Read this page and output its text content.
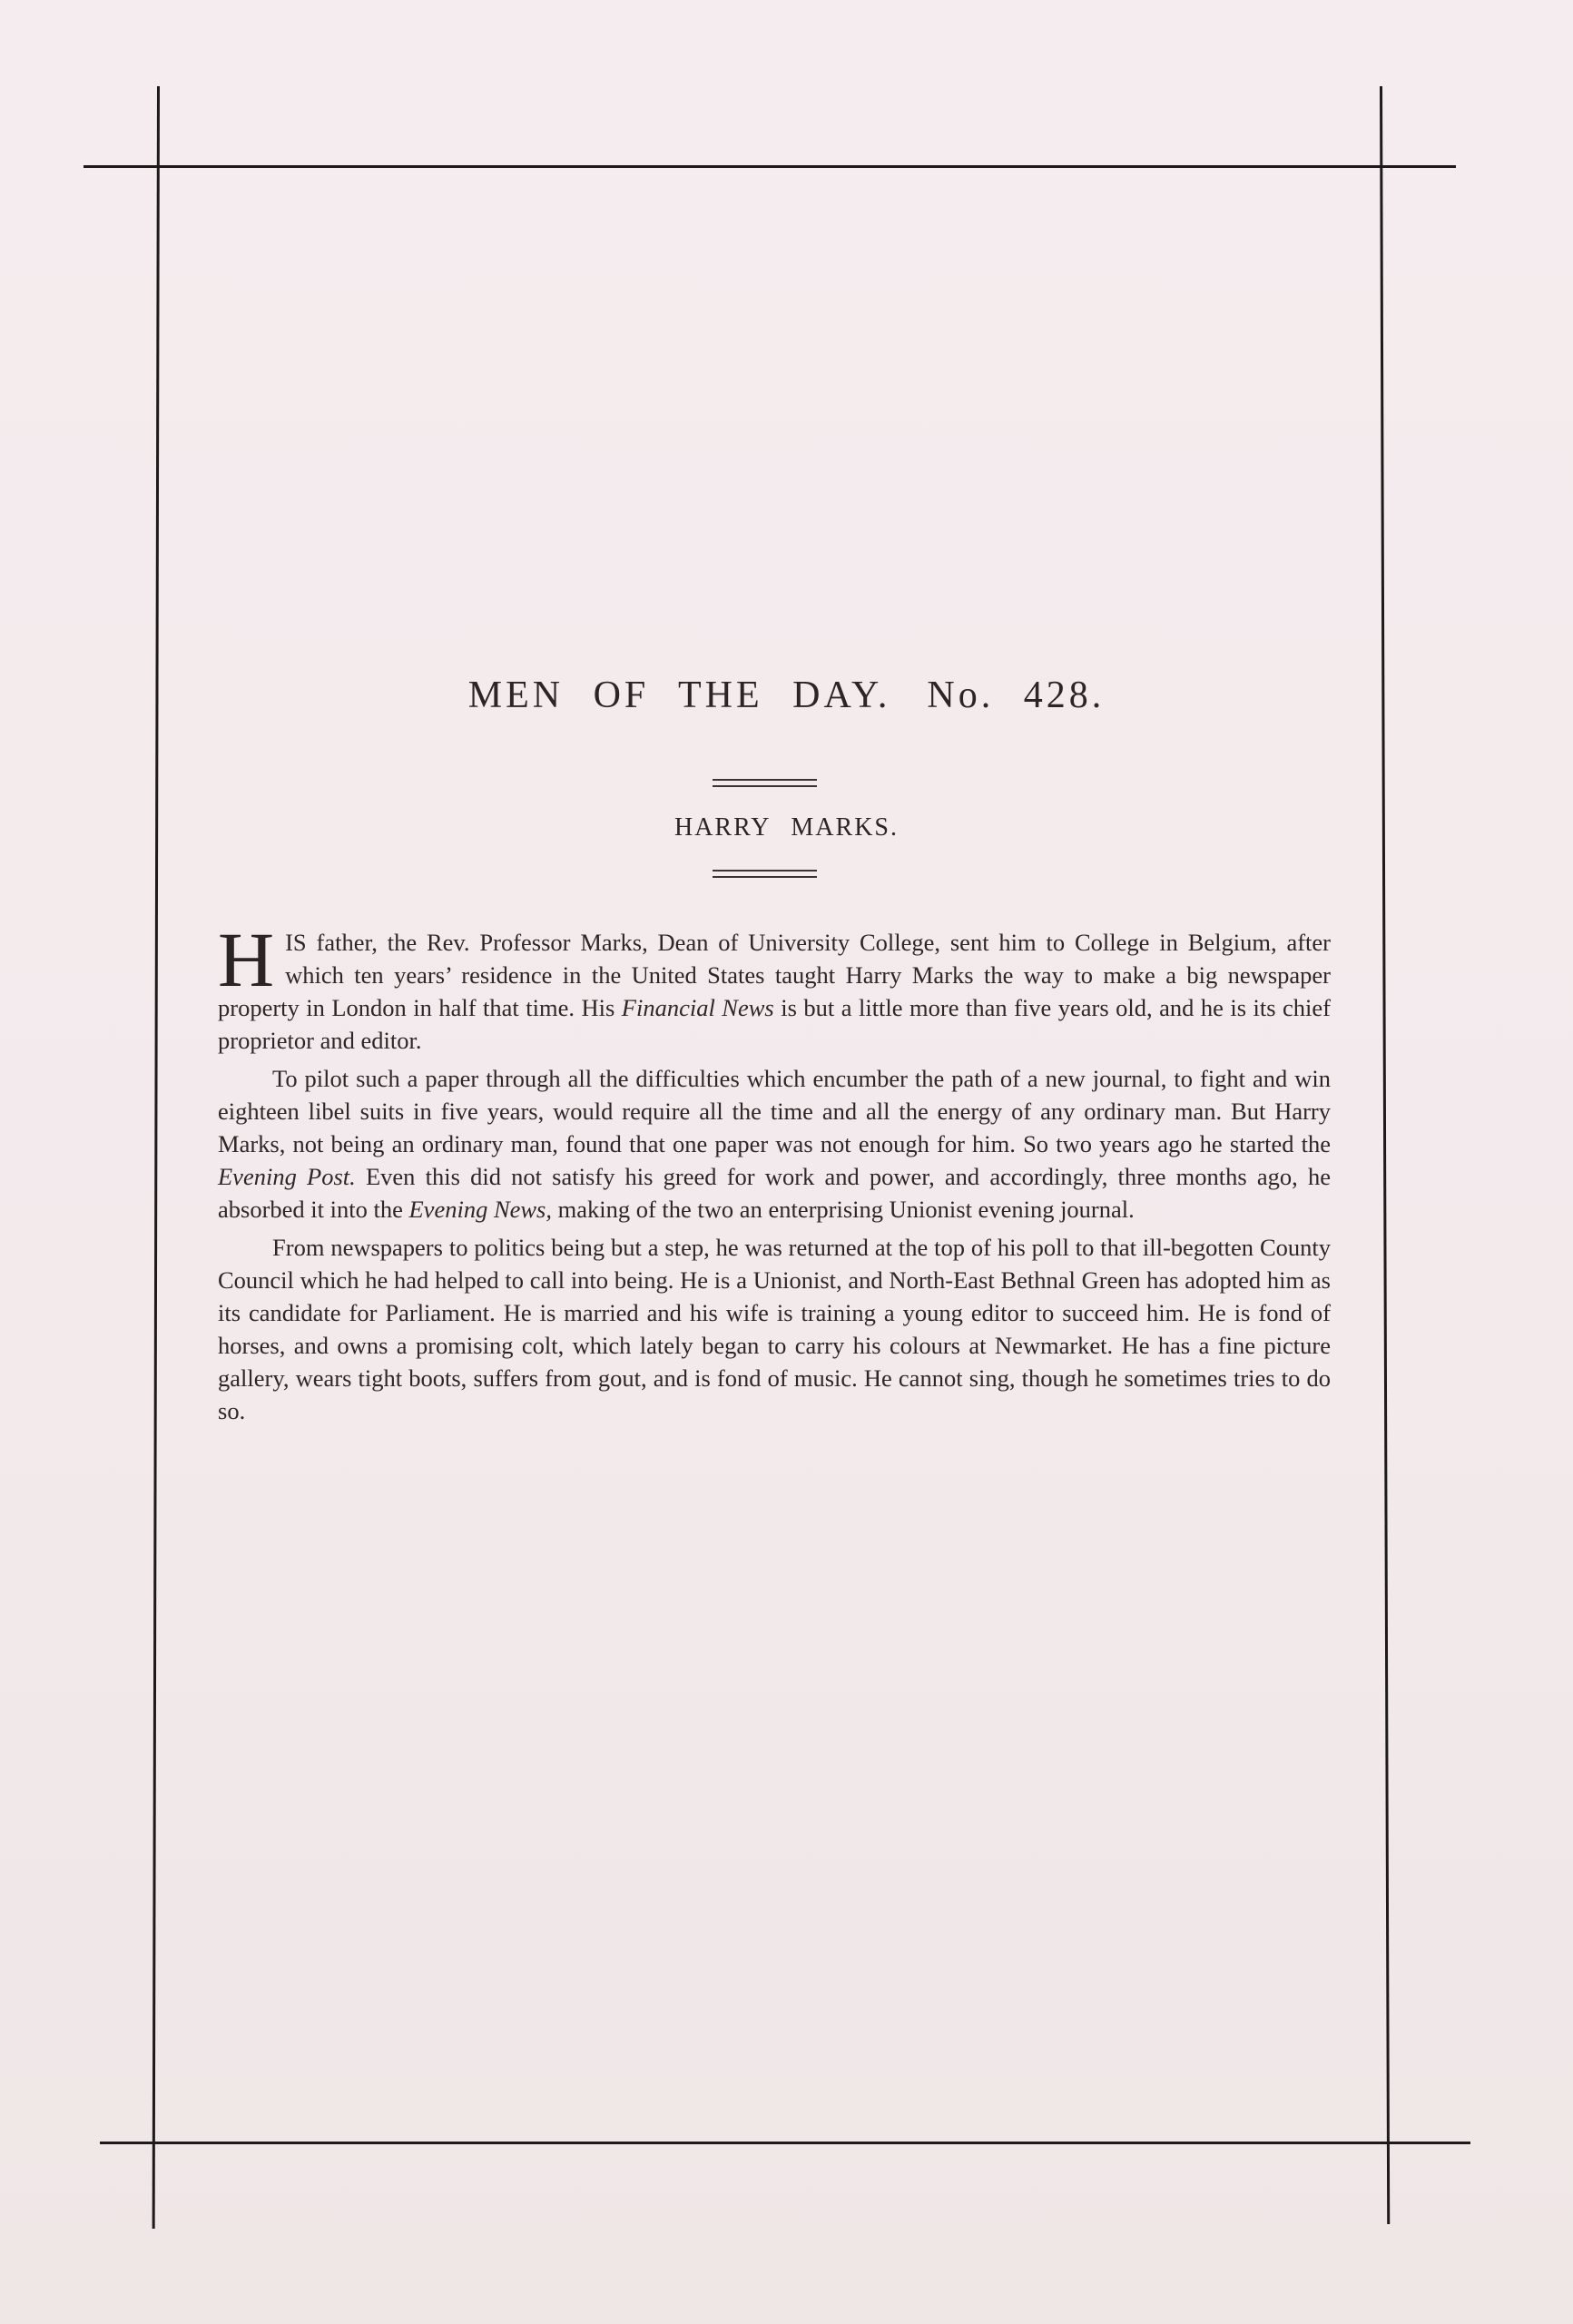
MEN OF THE DAY. No. 428.
HARRY MARKS.

HIS father, the Rev. Professor Marks, Dean of University College, sent him to College in Belgium, after which ten years’ residence in the United States taught Harry Marks the way to make a big newspaper property in London in half that time. His Financial News is but a little more than five years old, and he is its chief proprietor and editor.

To pilot such a paper through all the difficulties which encumber the path of a new journal, to fight and win eighteen libel suits in five years, would require all the time and all the energy of any ordinary man. But Harry Marks, not being an ordinary man, found that one paper was not enough for him. So two years ago he started the Evening Post. Even this did not satisfy his greed for work and power, and accordingly, three months ago, he absorbed it into the Evening News, making of the two an enterprising Unionist evening journal.

From newspapers to politics being but a step, he was returned at the top of his poll to that ill-begotten County Council which he had helped to call into being. He is a Unionist, and North-East Bethnal Green has adopted him as its candidate for Parliament. He is married and his wife is training a young editor to succeed him. He is fond of horses, and owns a promising colt, which lately began to carry his colours at Newmarket. He has a fine picture gallery, wears tight boots, suffers from gout, and is fond of music. He cannot sing, though he sometimes tries to do so.
